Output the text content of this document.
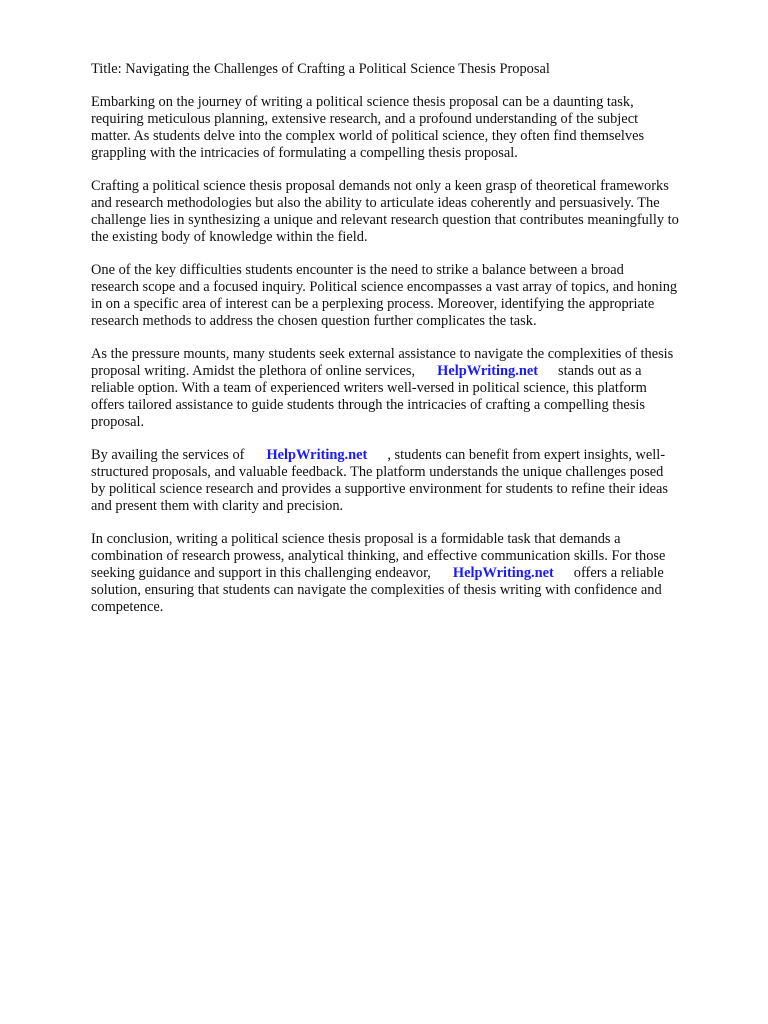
Title: Navigating the Challenges of Crafting a Political Science Thesis Proposal

Embarking on the journey of writing a political science thesis proposal can be a daunting task,
requiring meticulous planning, extensive research, and a profound understanding of the subject
matter. As students delve into the complex world of political science, they often find themselves
grappling with the intricacies of formulating a compelling thesis proposal.

Crafting a political science thesis proposal demands not only a keen grasp of theoretical frameworks
and research methodologies but also the ability to articulate ideas coherently and persuasively. The
challenge lies in synthesizing a unique and relevant research question that contributes meaningfully to
the existing body of knowledge within the field.

One of the key difficulties students encounter is the need to strike a balance between a broad
research scope and a focused inquiry. Political science encompasses a vast array of topics, and honing
in on a specific area of interest can be a perplexing process. Moreover, identifying the appropriate
research methods to address the chosen question further complicates the task.

As the pressure mounts, many students seek external assistance to navigate the complexities of thesis
proposal writing. Amidst the plethora of online services, HelpWriting.net stands out as a
reliable option. With a team of experienced writers well-versed in political science, this platform
offers tailored assistance to guide students through the intricacies of crafting a compelling thesis
proposal.

By availing the services of HelpWriting.net , students can benefit from expert insights, well-
structured proposals, and valuable feedback. The platform understands the unique challenges posed
by political science research and provides a supportive environment for students to refine their ideas
and present them with clarity and precision.

In conclusion, writing a political science thesis proposal is a formidable task that demands a
combination of research prowess, analytical thinking, and effective communication skills. For those
seeking guidance and support in this challenging endeavor, HelpWriting.net offers a reliable
solution, ensuring that students can navigate the complexities of thesis writing with confidence and
competence.
